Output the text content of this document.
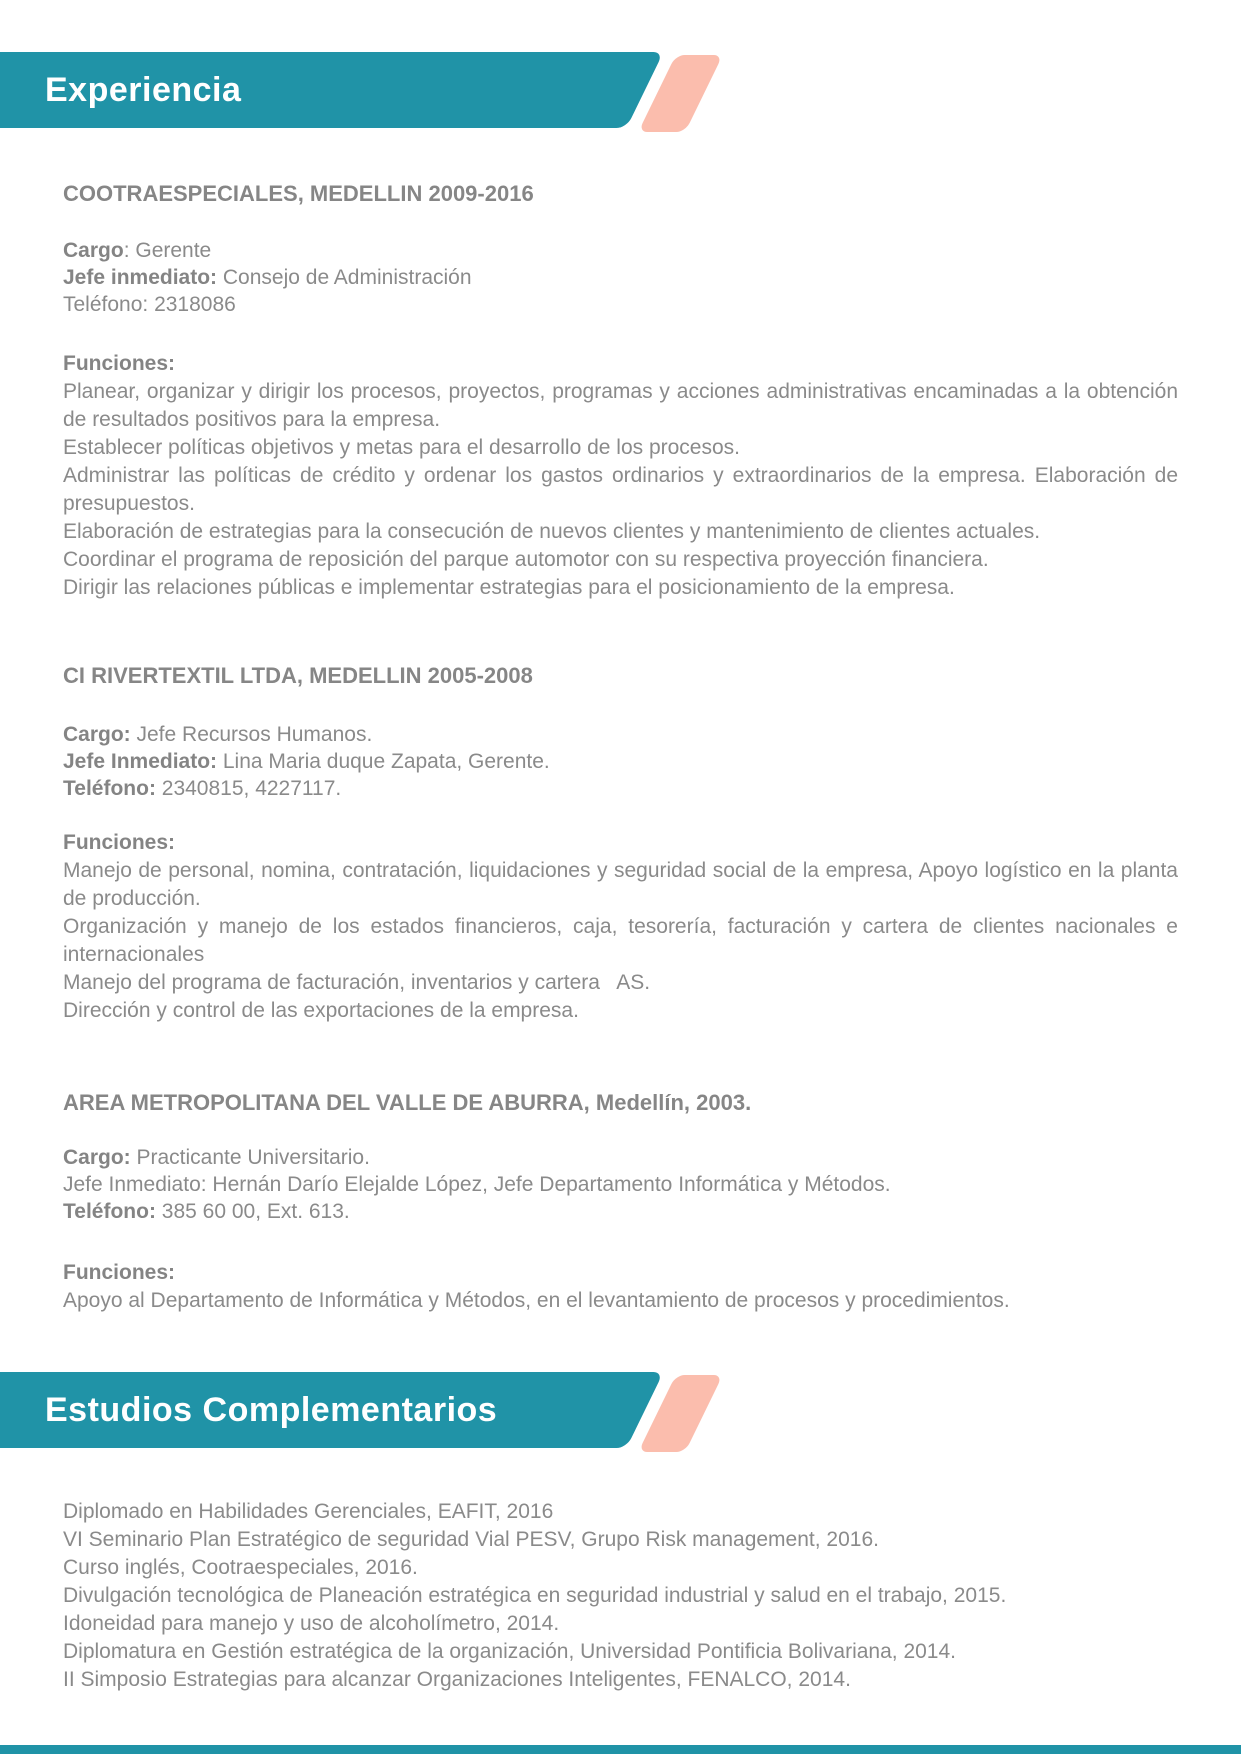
Experiencia
COOTRAESPECIALES, MEDELLIN 2009-2016

Cargo: Gerente

Jefe inmediato: Consejo de Administración

Teléfono: 2318086

Funciones:

Planear, organizar y dirigir los procesos, proyectos, programas y acciones administrativas encaminadas a la obtención de resultados positivos para la empresa.

Establecer políticas objetivos y metas para el desarrollo de los procesos.

Administrar las políticas de crédito y ordenar los gastos ordinarios y extraordinarios de la empresa. Elaboración de presupuestos.

Elaboración de estrategias para la consecución de nuevos clientes y mantenimiento de clientes actuales.

Coordinar el programa de reposición del parque automotor con su respectiva proyección financiera.

Dirigir las relaciones públicas e implementar estrategias para el posicionamiento de la empresa.

CI RIVERTEXTIL LTDA, MEDELLIN 2005-2008

Cargo: Jefe Recursos Humanos.

Jefe Inmediato: Lina Maria duque Zapata, Gerente.

Teléfono: 2340815, 4227117.

Funciones:

Manejo de personal, nomina, contratación, liquidaciones y seguridad social de la empresa, Apoyo logístico en la planta de producción.

Organización y manejo de los estados financieros, caja, tesorería, facturación y cartera de clientes nacionales e internacionales

Manejo del programa de facturación, inventarios y cartera   AS.

Dirección y control de las exportaciones de la empresa.

AREA METROPOLITANA DEL VALLE DE ABURRA, Medellín, 2003.

Cargo: Practicante Universitario.

Jefe Inmediato: Hernán Darío Elejalde López, Jefe Departamento Informática y Métodos.

Teléfono: 385 60 00, Ext. 613.

Funciones:

Apoyo al Departamento de Informática y Métodos, en el levantamiento de procesos y procedimientos.

Estudios Complementarios

Diplomado en Habilidades Gerenciales, EAFIT, 2016

VI Seminario Plan Estratégico de seguridad Vial PESV, Grupo Risk management, 2016.

Curso inglés, Cootraespeciales, 2016.

Divulgación tecnológica de Planeación estratégica en seguridad industrial y salud en el trabajo, 2015.

Idoneidad para manejo y uso de alcoholímetro, 2014.

Diplomatura en Gestión estratégica de la organización, Universidad Pontificia Bolivariana, 2014.

II Simposio Estrategias para alcanzar Organizaciones Inteligentes, FENALCO, 2014.
